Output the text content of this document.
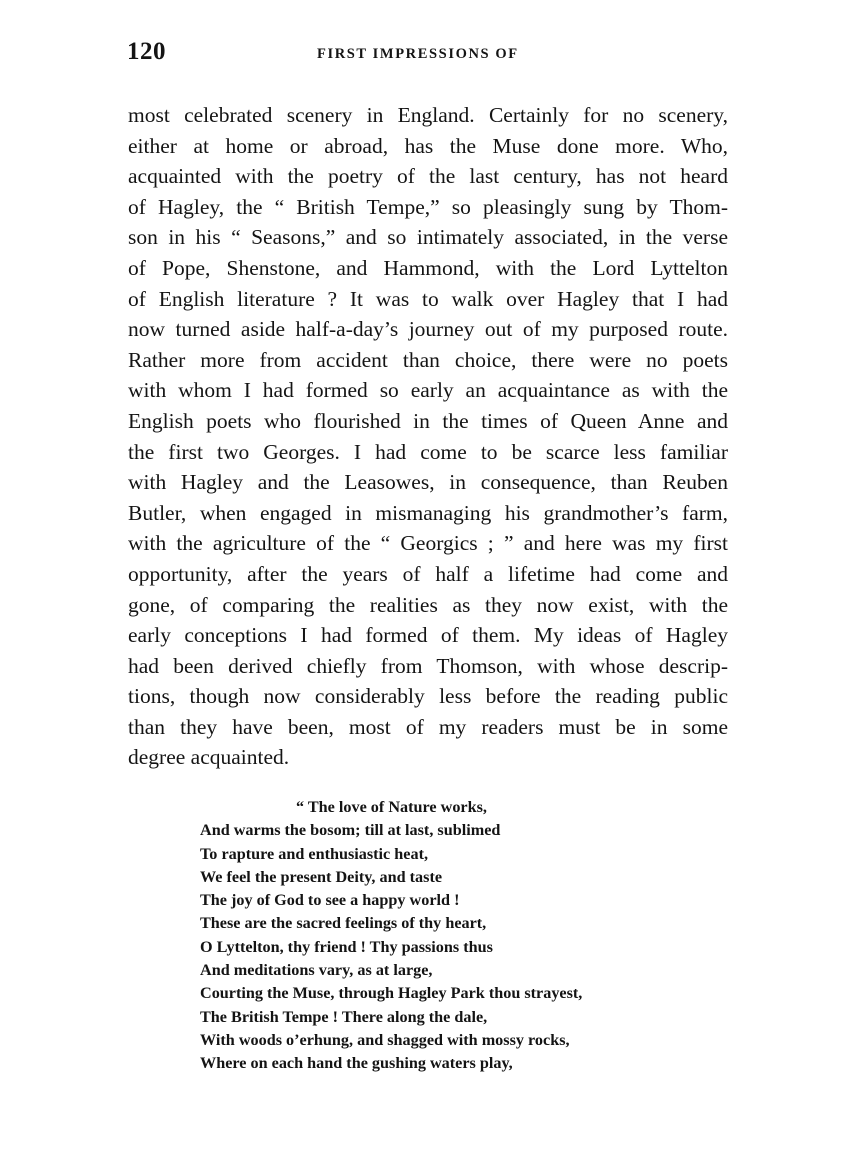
120	FIRST IMPRESSIONS OF
most celebrated scenery in England. Certainly for no scenery,
either at home or abroad, has the Muse done more. Who,
acquainted with the poetry of the last century, has not heard
of Hagley, the “ British Tempe,” so pleasingly sung by Thom-
son in his “ Seasons,” and so intimately associated, in the verse
of Pope, Shenstone, and Hammond, with the Lord Lyttelton
of English literature ? It was to walk over Hagley that I had
now turned aside half-a-day’s journey out of my purposed route.
Rather more from accident than choice, there were no poets
with whom I had formed so early an acquaintance as with the
English poets who flourished in the times of Queen Anne and
the first two Georges. I had come to be scarce less familiar
with Hagley and the Leasowes, in consequence, than Reuben
Butler, when engaged in mismanaging his grandmother’s farm,
with the agriculture of the “ Georgics ; ” and here was my first
opportunity, after the years of half a lifetime had come and
gone, of comparing the realities as they now exist, with the
early conceptions I had formed of them. My ideas of Hagley
had been derived chiefly from Thomson, with whose descrip-
tions, though now considerably less before the reading public
than they have been, most of my readers must be in some
degree acquainted.
“ The love of Nature works,
And warms the bosom; till at last, sublimed
To rapture and enthusiastic heat,
We feel the present Deity, and taste
The joy of God to see a happy world !
These are the sacred feelings of thy heart,
O Lyttelton, thy friend ! Thy passions thus
And meditations vary, as at large,
Courting the Muse, through Hagley Park thou strayest,
The British Tempe ! There along the dale,
With woods o’erhung, and shagged with mossy rocks,
Where on each hand the gushing waters play,
